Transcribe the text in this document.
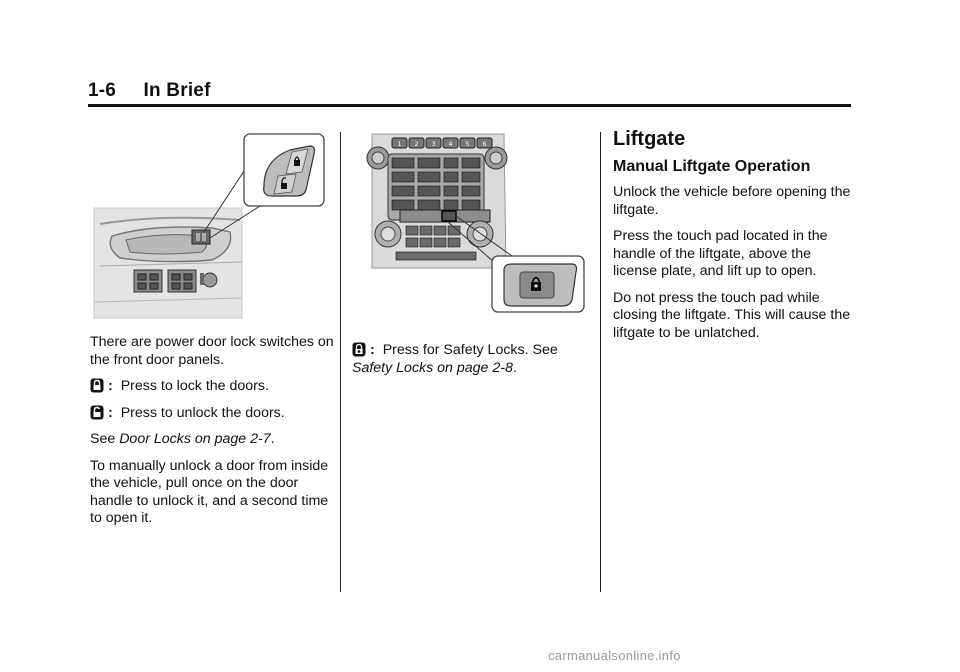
1-6 In Brief

There are power door lock switches on the front door panels.

: Press to lock the doors.

: Press to unlock the doors.

See Door Locks on page 2-7.

To manually unlock a door from inside the vehicle, pull once on the door handle to unlock it, and a second time to open it.

1 2 3 4 5 6

: Press for Safety Locks. See
Safety Locks on page 2-8.

Liftgate

Manual Liftgate Operation

Unlock the vehicle before opening the liftgate.

Press the touch pad located in the handle of the liftgate, above the license plate, and lift up to open.

Do not press the touch pad while closing the liftgate. This will cause the liftgate to be unlatched.

carmanualsonline.info
